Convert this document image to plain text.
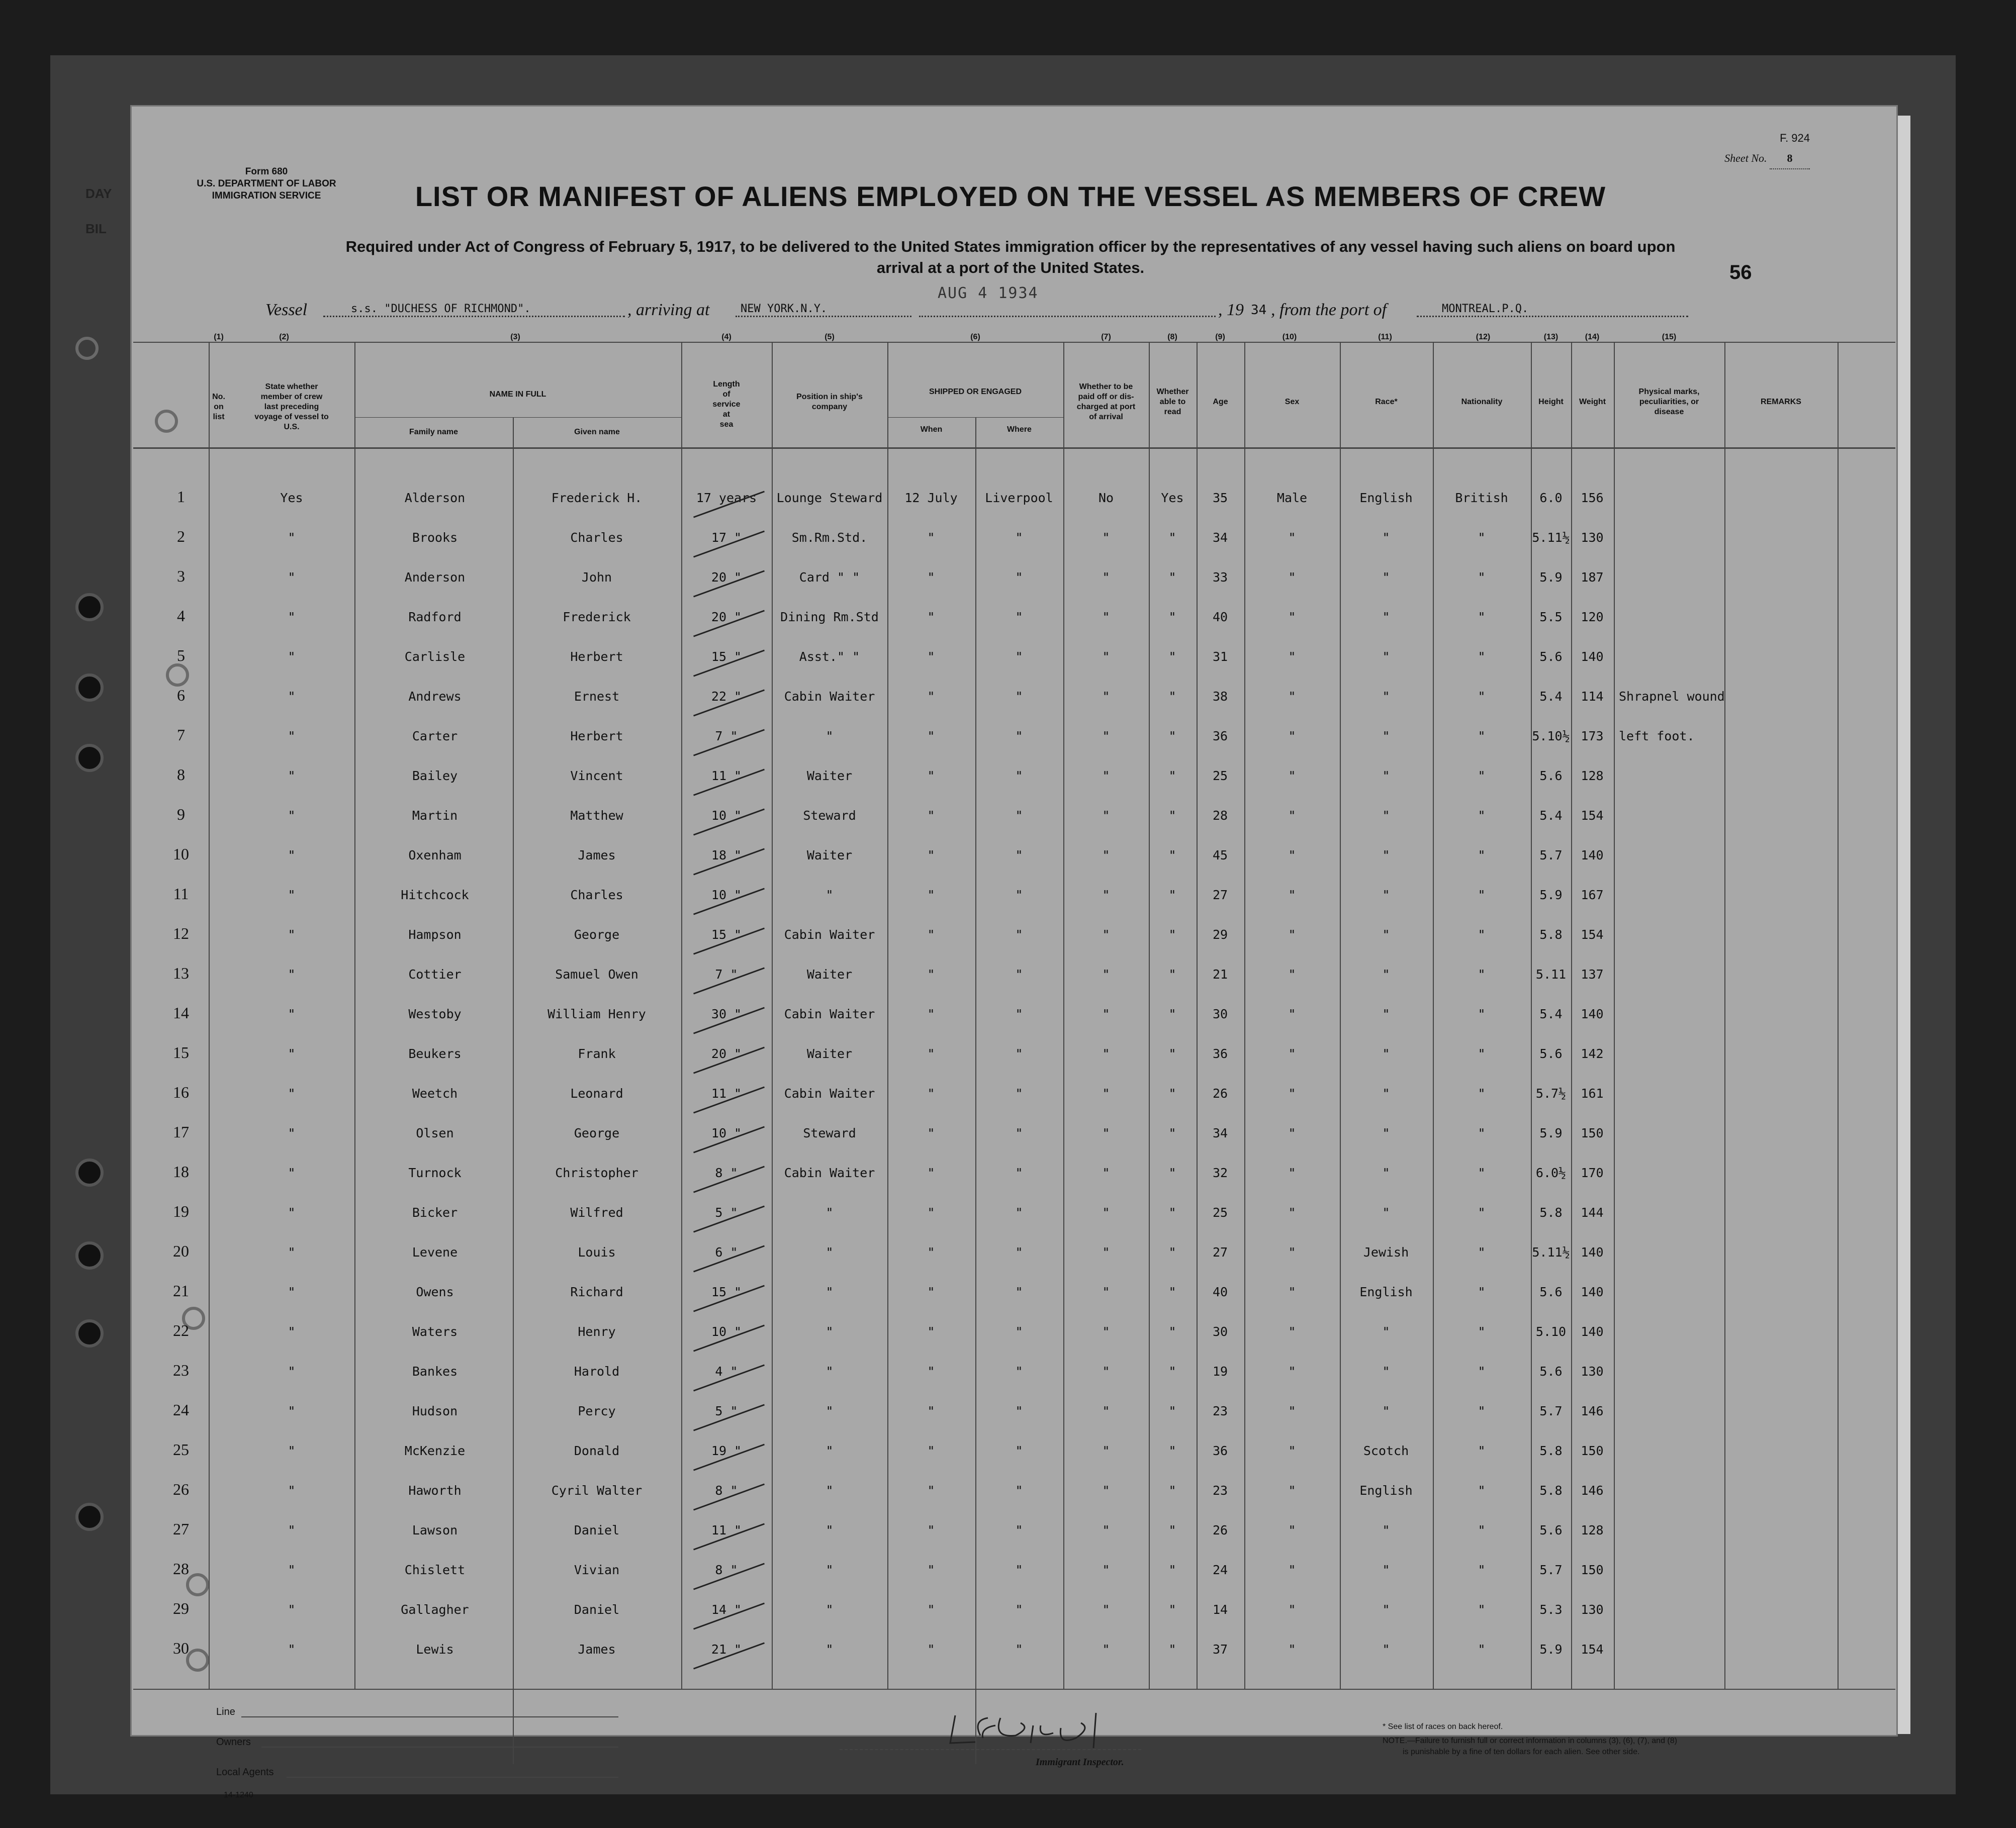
DAY
BIL
Form 680
U.S. DEPARTMENT OF LABOR
IMMIGRATION SERVICE
F. 924
Sheet No. 8
LIST OR MANIFEST OF ALIENS EMPLOYED ON THE VESSEL AS MEMBERS OF CREW
Required under Act of Congress of February 5, 1917, to be delivered to the United States immigration officer by the representatives of any vessel having such aliens on board upon
arrival at a port of the United States.	56
AUG 4 1934
Vessel	s.s. "DUCHESS OF RICHMOND".	, arriving at	NEW YORK.N.Y.	, 19 34 , from the port of	MONTREAL.P.Q.
(1)	(2)	(3)	(4)	(5)	(6)	(7)	(8)	(9)	(10)	(11)	(12)	(13)	(14)	(15)
No.
on
list
State whether
member of crew
last preceding
voyage of vessel to
U.S.
NAME IN FULL
Family name	Given name
Length
of
service
at
sea
Position in ship's
company
SHIPPED OR ENGAGED
When	Where
Whether to be
paid off or dis-
charged at port
of arrival
Whether
able to
read
Age	Sex	Race*	Nationality	Height	Weight
Physical marks,
peculiarities, or
disease
REMARKS
1	Yes	Alderson	Frederick H.	17 years	Lounge Steward	12 July	Liverpool	No	Yes	35	Male	English	British	6.0	156
2	"	Brooks	Charles	17 "	Sm.Rm.Std.	"	"	"	"	34	"	"	"	5.11½ 130
3	"	Anderson	John	20 "	Card " "	"	"	"	"	33	"	"	"	5.9	187
4	"	Radford	Frederick	20 "	Dining Rm.Std	"	"	"	"	40	"	"	"	5.5	120
5	"	Carlisle	Herbert	15 "	Asst." "	"	"	"	"	31	"	"	"	5.6	140
6	"	Andrews	Ernest	22 "	Cabin Waiter	"	"	"	"	38	"	"	"	5.4	114	Shrapnel wound
7	"	Carter	Herbert	7 "	"	"	"	"	"	36	"	"	"	5.10½ 173	left foot.
8	"	Bailey	Vincent	11 "	Waiter	"	"	"	"	25	"	"	"	5.6	128
9	"	Martin	Matthew	10 "	Steward	"	"	"	"	28	"	"	"	5.4	154
10	"	Oxenham	James	18 "	Waiter	"	"	"	"	45	"	"	"	5.7	140
11	"	Hitchcock	Charles	10 "	"	"	"	"	"	27	"	"	"	5.9	167
12	"	Hampson	George	15 "	Cabin Waiter	"	"	"	"	29	"	"	"	5.8	154
13	"	Cottier	Samuel Owen	7 "	Waiter	"	"	"	"	21	"	"	"	5.11	137
14	"	Westoby	William Henry	30 "	Cabin Waiter	"	"	"	"	30	"	"	"	5.4	140
15	"	Beukers	Frank	20 "	Waiter	"	"	"	"	36	"	"	"	5.6	142
16	"	Weetch	Leonard	11 "	Cabin Waiter	"	"	"	"	26	"	"	"	5.7½	161
17	"	Olsen	George	10 "	Steward	"	"	"	"	34	"	"	"	5.9	150
18	"	Turnock	Christopher	8 "	Cabin Waiter	"	"	"	"	32	"	"	"	6.0½	170
19	"	Bicker	Wilfred	5 "	"	"	"	"	"	25	"	"	"	5.8	144
20	"	Levene	Louis	6 "	"	"	"	"	"	27	"	Jewish	"	5.11½ 140
21	"	Owens	Richard	15 "	"	"	"	"	"	40	"	English	"	5.6	140
22	"	Waters	Henry	10 "	"	"	"	"	"	30	"	"	"	5.10	140
23	"	Bankes	Harold	4 "	"	"	"	"	"	19	"	"	"	5.6	130
24	"	Hudson	Percy	5 "	"	"	"	"	"	23	"	"	"	5.7	146
25	"	McKenzie	Donald	19 "	"	"	"	"	"	36	"	Scotch	"	5.8	150
26	"	Haworth	Cyril Walter	8 "	"	"	"	"	"	23	"	English	"	5.8	146
27	"	Lawson	Daniel	11 "	"	"	"	"	"	26	"	"	"	5.6	128
28	"	Chislett	Vivian	8 "	"	"	"	"	"	24	"	"	"	5.7	150
29	"	Gallagher	Daniel	14 "	"	"	"	"	"	14	"	"	"	5.3	130
30	"	Lewis	James	21 "	"	"	"	"	"	37	"	"	"	5.9	154
Line
Owners
Local Agents
Immigrant Inspector.
* See list of races on back hereof.
NOTE.—Failure to furnish full or correct information in columns (3), (6), (7), and (8)
is punishable by a fine of ten dollars for each alien. See other side.
14-1240
